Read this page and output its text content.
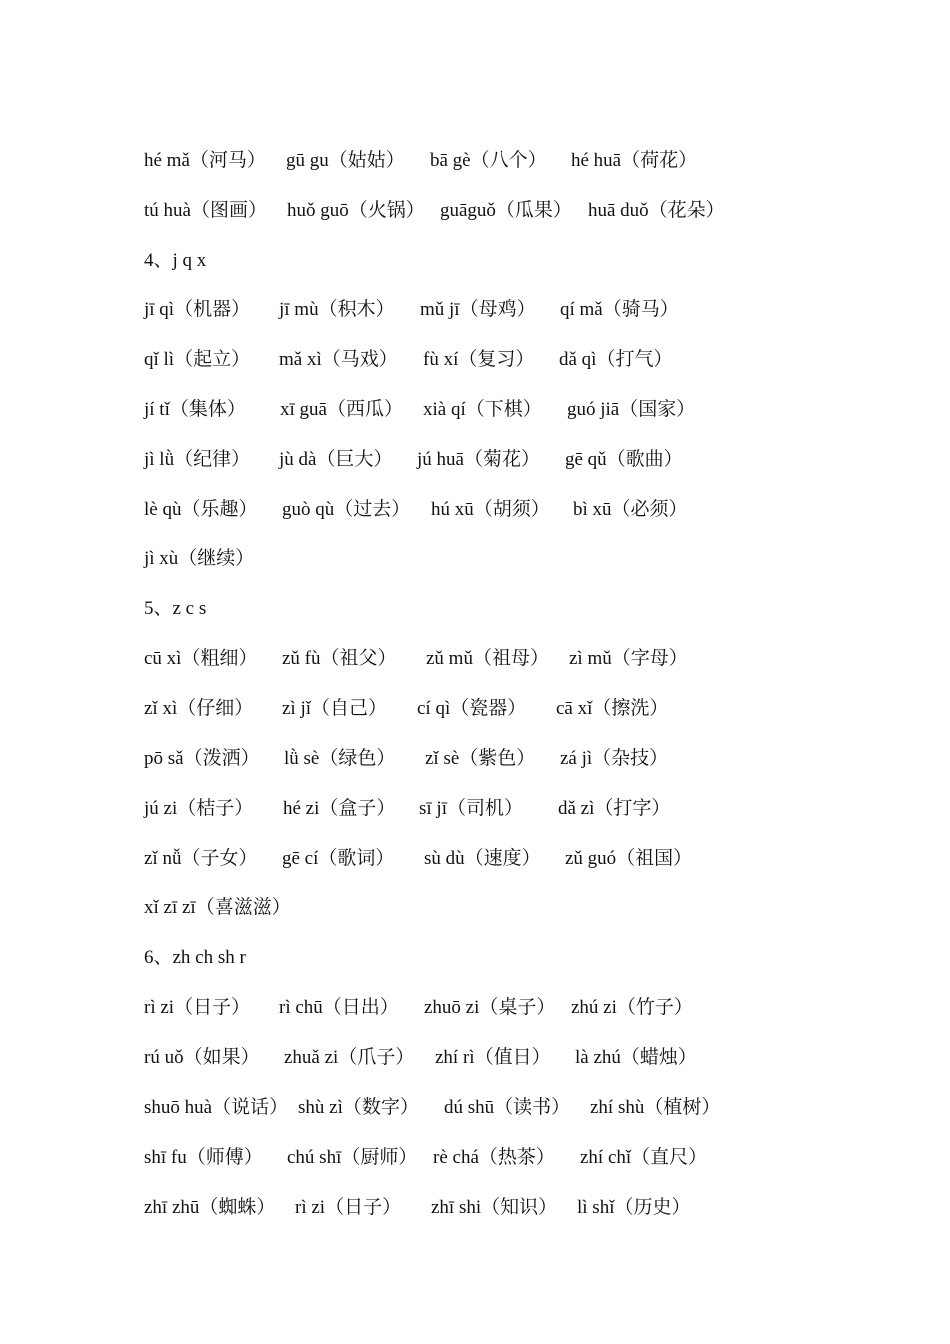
hé mǎ（河马） gū gu（姑姑） bā gè（八个） hé huā（荷花）
tú huà（图画） huǒ guō（火锅） guāguǒ（瓜果） huā duǒ（花朵）
4、j q x
jī qì（机器） jī mù（积木） mǔ jī（母鸡） qí mǎ（骑马）
qǐ lì（起立） mǎ xì（马戏） fù xí（复习） dǎ qì（打气）
jí tǐ（集体） xī guā（西瓜） xià qí（下棋） guó jiā（国家）
jì lǜ（纪律） jù dà（巨大） jú huā（菊花） gē qǔ（歌曲）
lè qù（乐趣） guò qù（过去） hú xū（胡须） bì xū（必须）
jì xù（继续）
5、z c s
cū xì（粗细） zǔ fù（祖父） zǔ mǔ（祖母） zì mǔ（字母）
zǐ xì（仔细） zì jǐ（自己） cí qì（瓷器） cā xǐ（擦洗）
pō sǎ（泼洒） lǜ sè（绿色） zǐ sè（紫色） zá jì（杂技）
jú zi（桔子） hé zi（盒子） sī jī（司机） dǎ zì（打字）
zǐ nǚ（子女） gē cí（歌词） sù dù（速度） zǔ guó（祖国）
xǐ zī zī（喜滋滋）
6、zh ch sh r
rì zi（日子） rì chū（日出） zhuō zi（桌子） zhú zi（竹子）
rú uǒ（如果） zhuǎ zi（爪子） zhí rì（值日） là zhú（蜡烛）
shuō huà（说话） shù zì（数字） dú shū（读书） zhí shù（植树）
shī fu（师傅） chú shī（厨师） rè chá（热茶） zhí chǐ（直尺）
zhī zhū（蜘蛛） rì zi（日子） zhī shi（知识） lì shǐ（历史）
